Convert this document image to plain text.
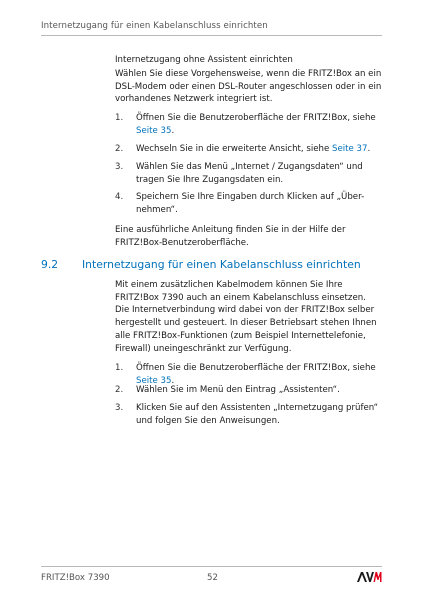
Internetzugang für einen Kabelanschluss einrichten
Internetzugang ohne Assistent einrichten
Wählen Sie diese Vorgehensweise, wenn die FRITZ!Box an ein
DSL-Modem oder einen DSL-Router angeschlossen oder in ein
vorhandenes Netzwerk integriert ist.
1. Öffnen Sie die Benutzeroberfläche der FRITZ!Box, siehe
Seite 35.
2. Wechseln Sie in die erweiterte Ansicht, siehe Seite 37.
3. Wählen Sie das Menü „Internet / Zugangsdaten“ und
tragen Sie Ihre Zugangsdaten ein.
4. Speichern Sie Ihre Eingaben durch Klicken auf „Über-
nehmen“.
Eine ausführliche Anleitung finden Sie in der Hilfe der
FRITZ!Box-Benutzeroberfläche.
9.2 Internetzugang für einen Kabelanschluss einrichten
Mit einem zusätzlichen Kabelmodem können Sie Ihre
FRITZ!Box 7390 auch an einem Kabelanschluss einsetzen.
Die Internetverbindung wird dabei von der FRITZ!Box selber
hergestellt und gesteuert. In dieser Betriebsart stehen Ihnen
alle FRITZ!Box-Funktionen (zum Beispiel Internettelefonie,
Firewall) uneingeschränkt zur Verfügung.
1. Öffnen Sie die Benutzeroberfläche der FRITZ!Box, siehe
Seite 35.
2. Wählen Sie im Menü den Eintrag „Assistenten“.
3. Klicken Sie auf den Assistenten „Internetzugang prüfen“
und folgen Sie den Anweisungen.
FRITZ!Box 7390	52
